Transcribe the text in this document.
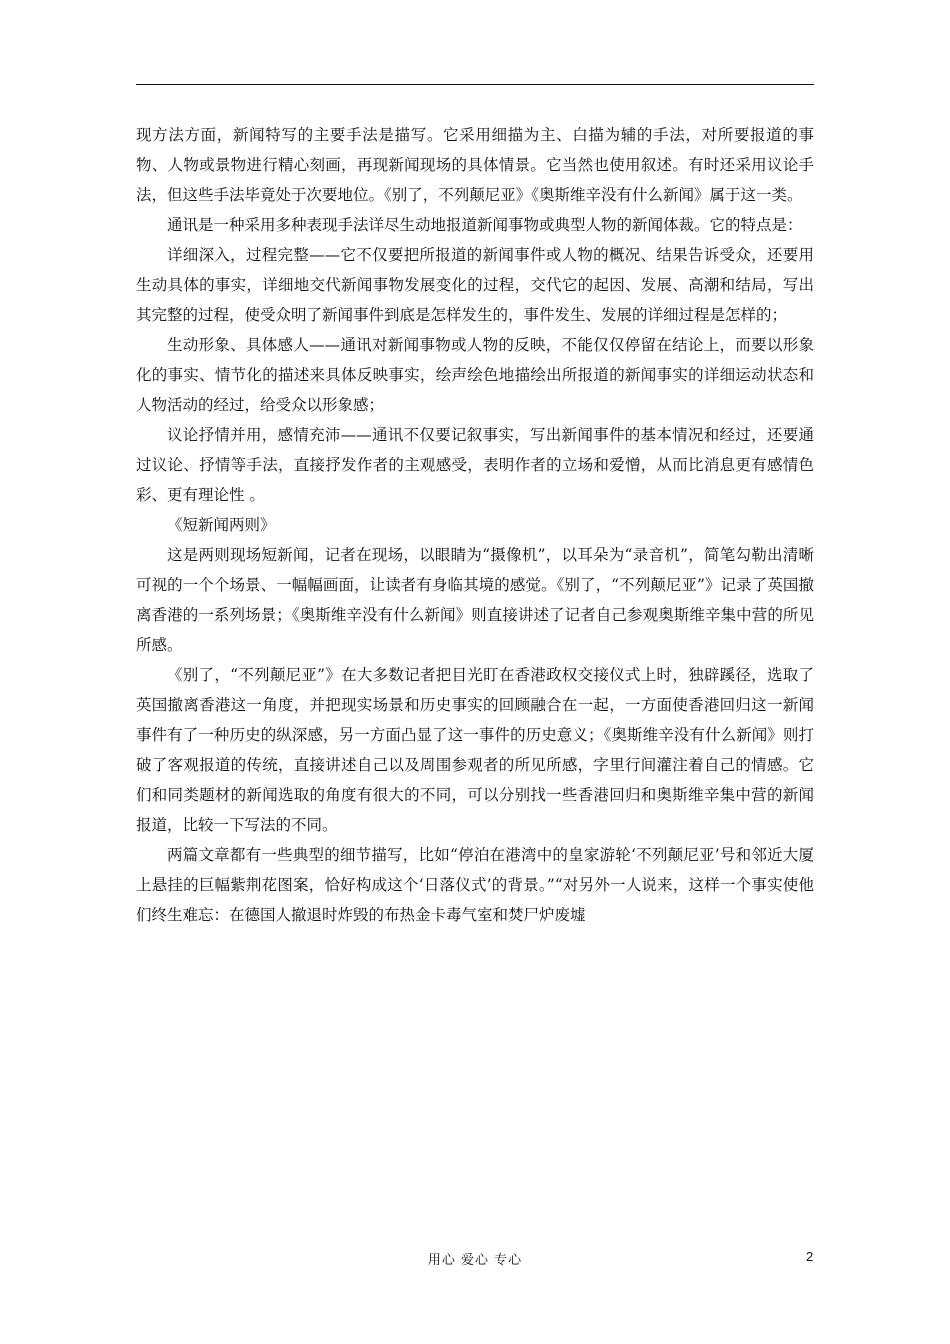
现方法方面，新闻特写的主要手法是描写。它采用细描为主、白描为辅的手法，对所要报道的事物、人物或景物进行精心刻画，再现新闻现场的具体情景。它当然也使用叙述。有时还采用议论手法，但这些手法毕竟处于次要地位。《别了，不列颠尼亚》《奥斯维辛没有什么新闻》属于这一类。

通讯是一种采用多种表现手法详尽生动地报道新闻事物或典型人物的新闻体裁。它的特点是：

详细深入，过程完整——它不仅要把所报道的新闻事件或人物的概况、结果告诉受众，还要用生动具体的事实，详细地交代新闻事物发展变化的过程，交代它的起因、发展、高潮和结局，写出其完整的过程，使受众明了新闻事件到底是怎样发生的，事件发生、发展的详细过程是怎样的；

生动形象、具体感人——通讯对新闻事物或人物的反映，不能仅仅停留在结论上，而要以形象化的事实、情节化的描述来具体反映事实，绘声绘色地描绘出所报道的新闻事实的详细运动状态和人物活动的经过，给受众以形象感；

议论抒情并用，感情充沛——通讯不仅要记叙事实，写出新闻事件的基本情况和经过，还要通过议论、抒情等手法，直接抒发作者的主观感受，表明作者的立场和爱憎，从而比消息更有感情色彩、更有理论性 。

《短新闻两则》

这是两则现场短新闻，记者在现场，以眼睛为“摄像机”，以耳朵为“录音机”，简笔勾勒出清晰可视的一个个场景、一幅幅画面，让读者有身临其境的感觉。《别了，“不列颠尼亚”》记录了英国撤离香港的一系列场景；《奥斯维辛没有什么新闻》则直接讲述了记者自己参观奥斯维辛集中营的所见所感。

《别了，“不列颠尼亚”》在大多数记者把目光盯在香港政权交接仪式上时，独辟蹊径，选取了英国撤离香港这一角度，并把现实场景和历史事实的回顾融合在一起，一方面使香港回归这一新闻事件有了一种历史的纵深感，另一方面凸显了这一事件的历史意义；《奥斯维辛没有什么新闻》则打破了客观报道的传统，直接讲述自己以及周围参观者的所见所感，字里行间灌注着自己的情感。它们和同类题材的新闻选取的角度有很大的不同，可以分别找一些香港回归和奥斯维辛集中营的新闻报道，比较一下写法的不同。

两篇文章都有一些典型的细节描写，比如“停泊在港湾中的皇家游轮‘不列颠尼亚’号和邻近大厦上悬挂的巨幅紫荆花图案，恰好构成这个‘日落仪式’的背景。”“对另外一人说来，这样一个事实使他们终生难忘：在德国人撤退时炸毁的布热金卡毒气室和焚尸炉废墟

用心 爱心 专心	2
